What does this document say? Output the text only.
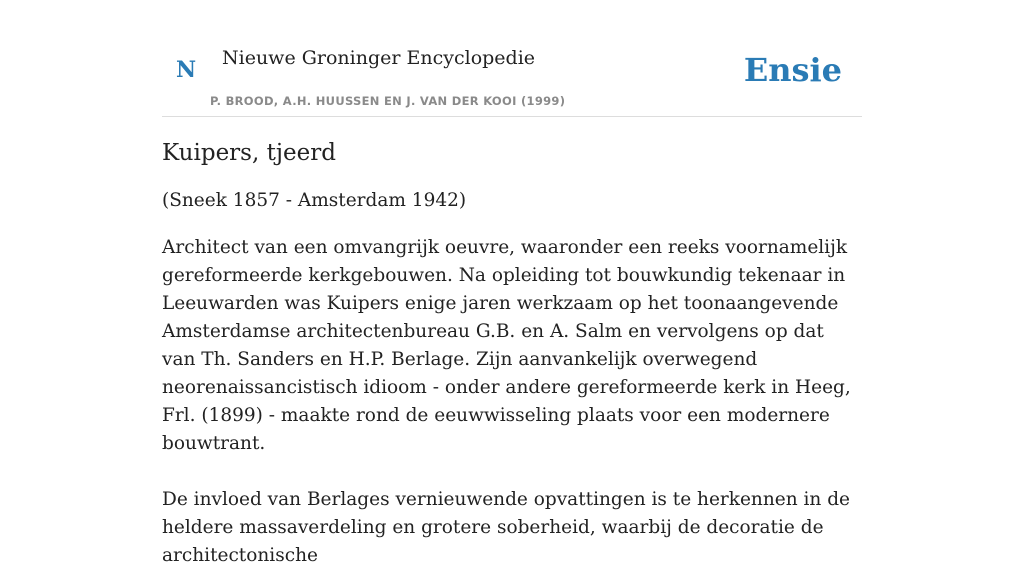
N Nieuwe Groninger Encyclopedie
P. BROOD, A.H. HUUSSEN EN J. VAN DER KOOI (1999)
Ensie
Kuipers, tjeerd

(Sneek 1857 - Amsterdam 1942)

Architect van een omvangrijk oeuvre, waaronder een reeks voornamelijk gereformeerde kerkgebouwen. Na opleiding tot bouwkundig tekenaar in Leeuwarden was Kuipers enige jaren werkzaam op het toonaangevende Amsterdamse architectenbureau G.B. en A. Salm en vervolgens op dat van Th. Sanders en H.P. Berlage. Zijn aanvankelijk overwegend neorenaissancistisch idioom - onder andere gereformeerde kerk in Heeg, Frl. (1899) - maakte rond de eeuwwisseling plaats voor een modernere bouwtrant.

De invloed van Berlages vernieuwende opvattingen is te herkennen in de heldere massaverdeling en grotere soberheid, waarbij de decoratie de architectonische
